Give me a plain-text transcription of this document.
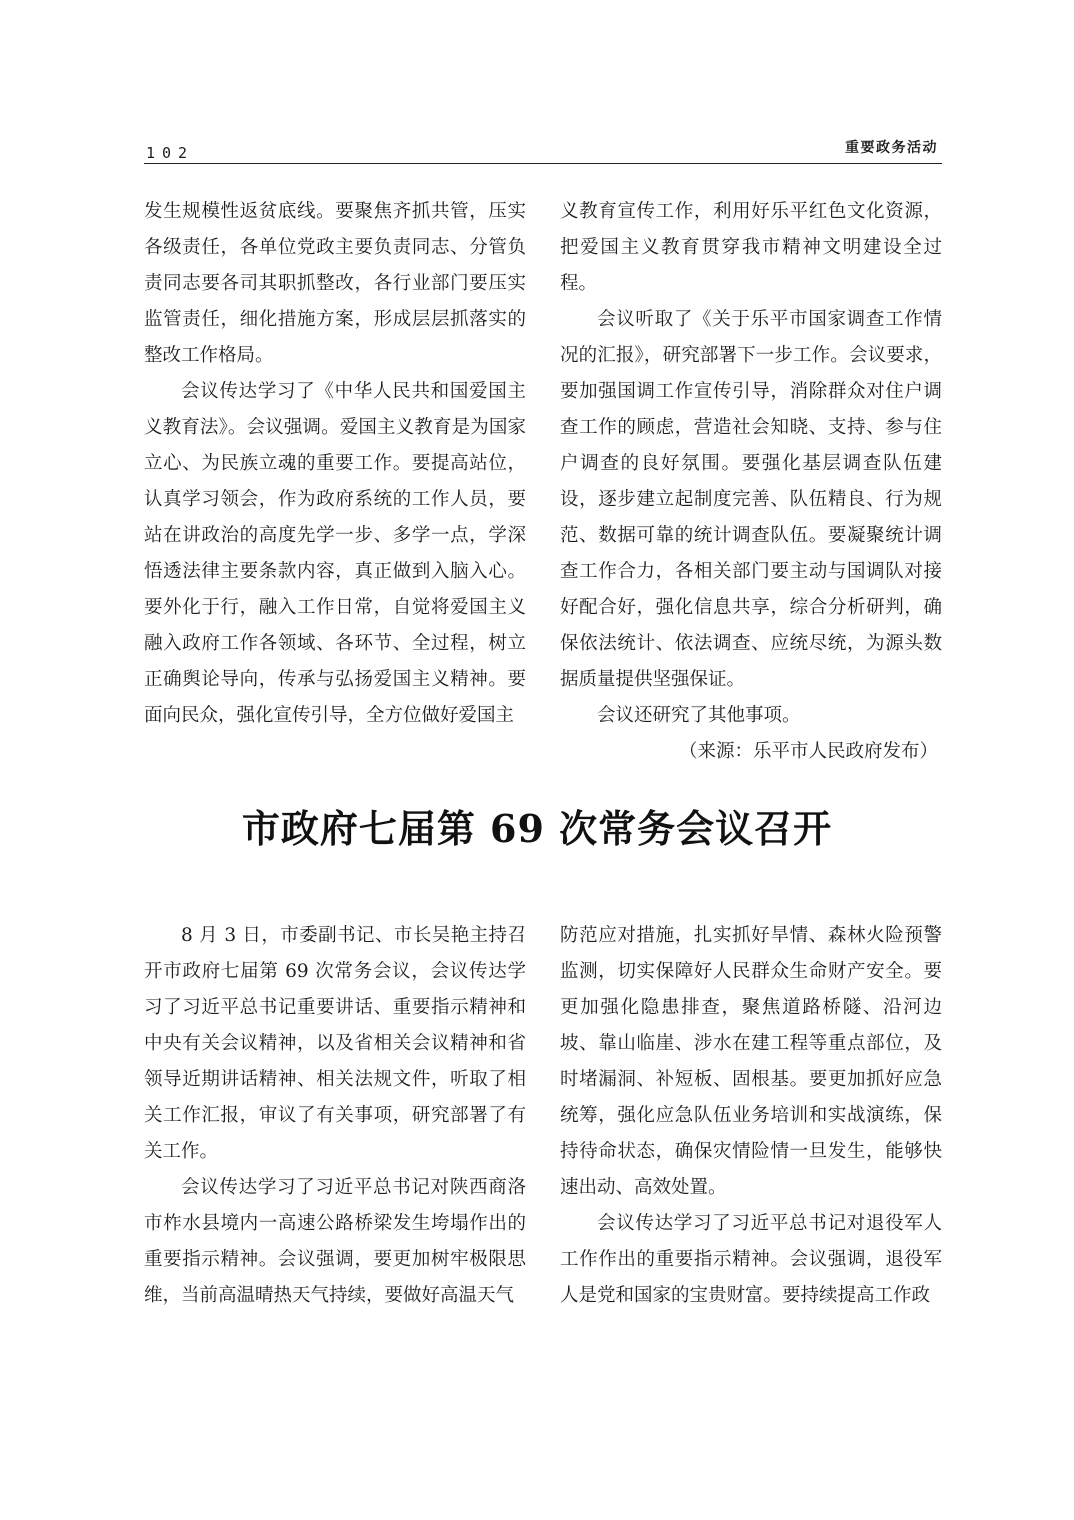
102	重要政务活动

发生规模性返贫底线。要聚焦齐抓共管，压实各级责任，各单位党政主要负责同志、分管负责同志要各司其职抓整改，各行业部门要压实监管责任，细化措施方案，形成层层抓落实的整改工作格局。

会议传达学习了《中华人民共和国爱国主义教育法》。会议强调。爱国主义教育是为国家立心、为民族立魂的重要工作。要提高站位，认真学习领会，作为政府系统的工作人员，要站在讲政治的高度先学一步、多学一点，学深悟透法律主要条款内容，真正做到入脑入心。要外化于行，融入工作日常，自觉将爱国主义融入政府工作各领域、各环节、全过程，树立正确舆论导向，传承与弘扬爱国主义精神。要面向民众，强化宣传引导，全方位做好爱国主

义教育宣传工作，利用好乐平红色文化资源，把爱国主义教育贯穿我市精神文明建设全过程。

会议听取了《关于乐平市国家调查工作情况的汇报》，研究部署下一步工作。会议要求，要加强国调工作宣传引导，消除群众对住户调查工作的顾虑，营造社会知晓、支持、参与住户调查的良好氛围。要强化基层调查队伍建设，逐步建立起制度完善、队伍精良、行为规范、数据可靠的统计调查队伍。要凝聚统计调查工作合力，各相关部门要主动与国调队对接好配合好，强化信息共享，综合分析研判，确保依法统计、依法调查、应统尽统，为源头数据质量提供坚强保证。

会议还研究了其他事项。

（来源：乐平市人民政府发布）

市政府七届第 69 次常务会议召开

8 月 3 日，市委副书记、市长吴艳主持召开市政府七届第 69 次常务会议，会议传达学习了习近平总书记重要讲话、重要指示精神和中央有关会议精神，以及省相关会议精神和省领导近期讲话精神、相关法规文件，听取了相关工作汇报，审议了有关事项，研究部署了有关工作。

会议传达学习了习近平总书记对陕西商洛市柞水县境内一高速公路桥梁发生垮塌作出的重要指示精神。会议强调，要更加树牢极限思维，当前高温晴热天气持续，要做好高温天气

防范应对措施，扎实抓好旱情、森林火险预警监测，切实保障好人民群众生命财产安全。要更加强化隐患排查，聚焦道路桥隧、沿河边坡、靠山临崖、涉水在建工程等重点部位，及时堵漏洞、补短板、固根基。要更加抓好应急统筹，强化应急队伍业务培训和实战演练，保持待命状态，确保灾情险情一旦发生，能够快速出动、高效处置。

会议传达学习了习近平总书记对退役军人工作作出的重要指示精神。会议强调，退役军人是党和国家的宝贵财富。要持续提高工作政
